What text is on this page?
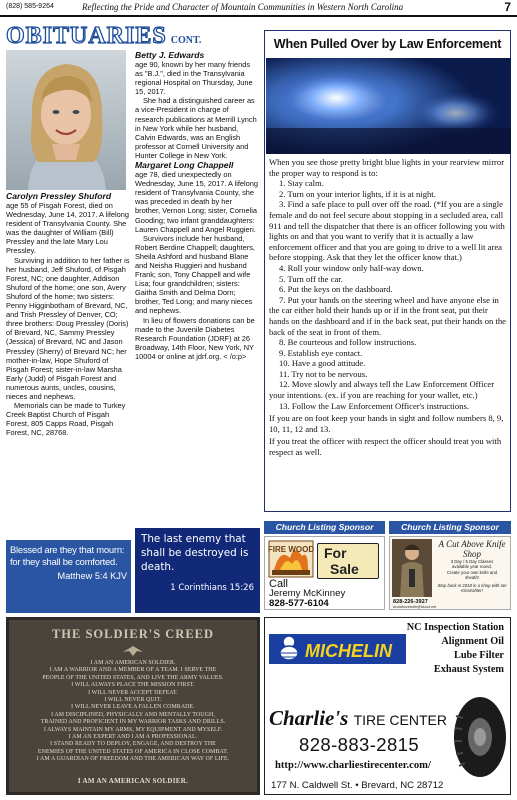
(828) 585-9264	Reflecting the Pride and Character of Mountain Communities in Western North Carolina	7
OBITUARIES CONT.
Carolyn Pressley Shuford

age 55 of Pisgah Forest, died on Wednesday, June 14, 2017. A lifelong resident of Transylvania County. She was the daughter of William (Bill) Pressley and the late Mary Lou Pressley.

Surviving in addition to her father is her husband, Jeff Shuford, of Pisgah Forest, NC; one daughter, Addison Shuford of the home; one son, Avery Shuford of the home; two sisters: Penny Higginbotham of Brevard, NC, and Trish Pressley of Denver, CO; three brothers: Doug Pressley (Doris) of Brevard, NC, Sammy Pressley (Jessica) of Brevard, NC and Jason Pressley (Sherry) of Brevard NC; her mother-in-law, Hope Shuford of Pisgah Forest; sister-in-law Marsha Early (Judd) of Pisgah Forest and numerous aunts, uncles, cousins, nieces and nephews.

Memorials can be made to Turkey Creek Baptist Church of Pisgah Forest, 805 Capps Road, Pisgah Forest, NC, 28768.

Betty J. Edwards

age 90, known by her many friends as "B.J.", died in the Transylvania regional Hospital on Thursday, June 15, 2017.

She had a distinguished career as a vice-President in charge of research publications at Merrill Lynch in New York while her husband, Calvin Edwards, was an English professor at Cornell University and Hunter College in New York.

Margaret Long Chappell

age 78, died unexpectedly on Wednesday, June 15, 2017. A lifelong resident of Transylvania County, she was preceded in death by her brother, Vernon Long; sister, Cornelia Gooding; two infant granddaughters: Lauren Chappell and Angel Ruggieri.

Survivors include her husband, Robert Berdine Chappell; daughters, Sheila Ashford and husband Blane and Neisha Ruggieri and husband Frank; son, Tony Chappell and wife Lisa; four grandchildren; sisters: Gaitha Smith and Delma Dorn; brother, Ted Long; and many nieces and nephews.

In lieu of flowers donations can be made to the Juvenile Diabetes Research Foundation (JDRF) at 26 Broadway, 14th Floor, New York, NY 10004 or online at jdrf.org. < /o:p>

Blessed are they that mourn: for they shall be comforted.
Matthew 5:4 KJV
The last enemy that shall be destroyed is death.
1 Corinthians 15:26
When Pulled Over by Law Enforcement

When you see those pretty bright blue lights in your rearview mirror the proper way to respond is to:

1. Stay calm.

2. Turn on your interior lights, if it is at night.

3. Find a safe place to pull over off the road. (*If you are a single female and do not feel secure about stopping in a secluded area, call 911 and tell the dispatcher that there is an officer following you with lights on and that you want to verify that it is actually a law enforcement officer and that you are going to drive to a well lit area before stopping. Ask that they let the officer know that.)

4. Roll your window only half-way down.

5. Turn off the car.

6. Put the keys on the dashboard.

7. Put your hands on the steering wheel and have anyone else in the car either hold their hands up or if in the front seat, put their hands on the dashboard and if in the back seat, put their hands on the back of the seat in front of them.

8. Be courteous and follow instructions.

9. Establish eye contact.

10. Have a good attitude.

11. Try not to be nervous.

12. Move slowly and always tell the Law Enforcement Officer your intentions. (ex. if you are reaching for your wallet, etc.)

13. Follow the Law Enforcement Officer's instructions.

If you are on foot keep your hands in sight and follow numbers 8, 9, 10, 11, 12 and 13.

If you treat the officer with respect the officer should treat you with respect as well.

Church Listing Sponsor	Church Listing Sponsor
FIRE WOOD For
Sale
Call
Jeremy McKinney
828-577-6104
A Cut Above Knife Shop
3 Day / 5 Day Classes
available year round.
Create your own knife and
sheath!
Stop back in 2018 in a shop with Ian Kinstrahler!
828-226-3927
acutaboveknife@icloud.net
THE SOLDIER'S CREED
I AM AN AMERICAN SOLDIER.
I AM A WARRIOR AND A MEMBER OF A TEAM. I SERVE THE
PEOPLE OF THE UNITED STATES, AND LIVE THE ARMY VALUES.
I WILL ALWAYS PLACE THE MISSION FIRST.
I WILL NEVER ACCEPT DEFEAT.
I WILL NEVER QUIT.
I WILL NEVER LEAVE A FALLEN COMRADE.
I AM DISCIPLINED, PHYSICALLY AND MENTALLY TOUGH,
TRAINED AND PROFICIENT IN MY WARRIOR TASKS AND DRILLS.
I ALWAYS MAINTAIN MY ARMS, MY EQUIPMENT AND MYSELF.
I AM AN EXPERT AND I AM A PROFESSIONAL.
I STAND READY TO DEPLOY, ENGAGE, AND DESTROY THE
ENEMIES OF THE UNITED STATES OF AMERICA IN CLOSE COMBAT.
I AM A GUARDIAN OF FREEDOM AND THE AMERICAN WAY OF LIFE.
I AM AN AMERICAN SOLDIER.
NC Inspection Station
Alignment Oil
Lube Filter
Exhaust System
MICHELIN
Charlie's TIRE CENTER
828-883-2815
http://www.charliestirecenter.com/
177 N. Caldwell St. • Brevard, NC 28712
